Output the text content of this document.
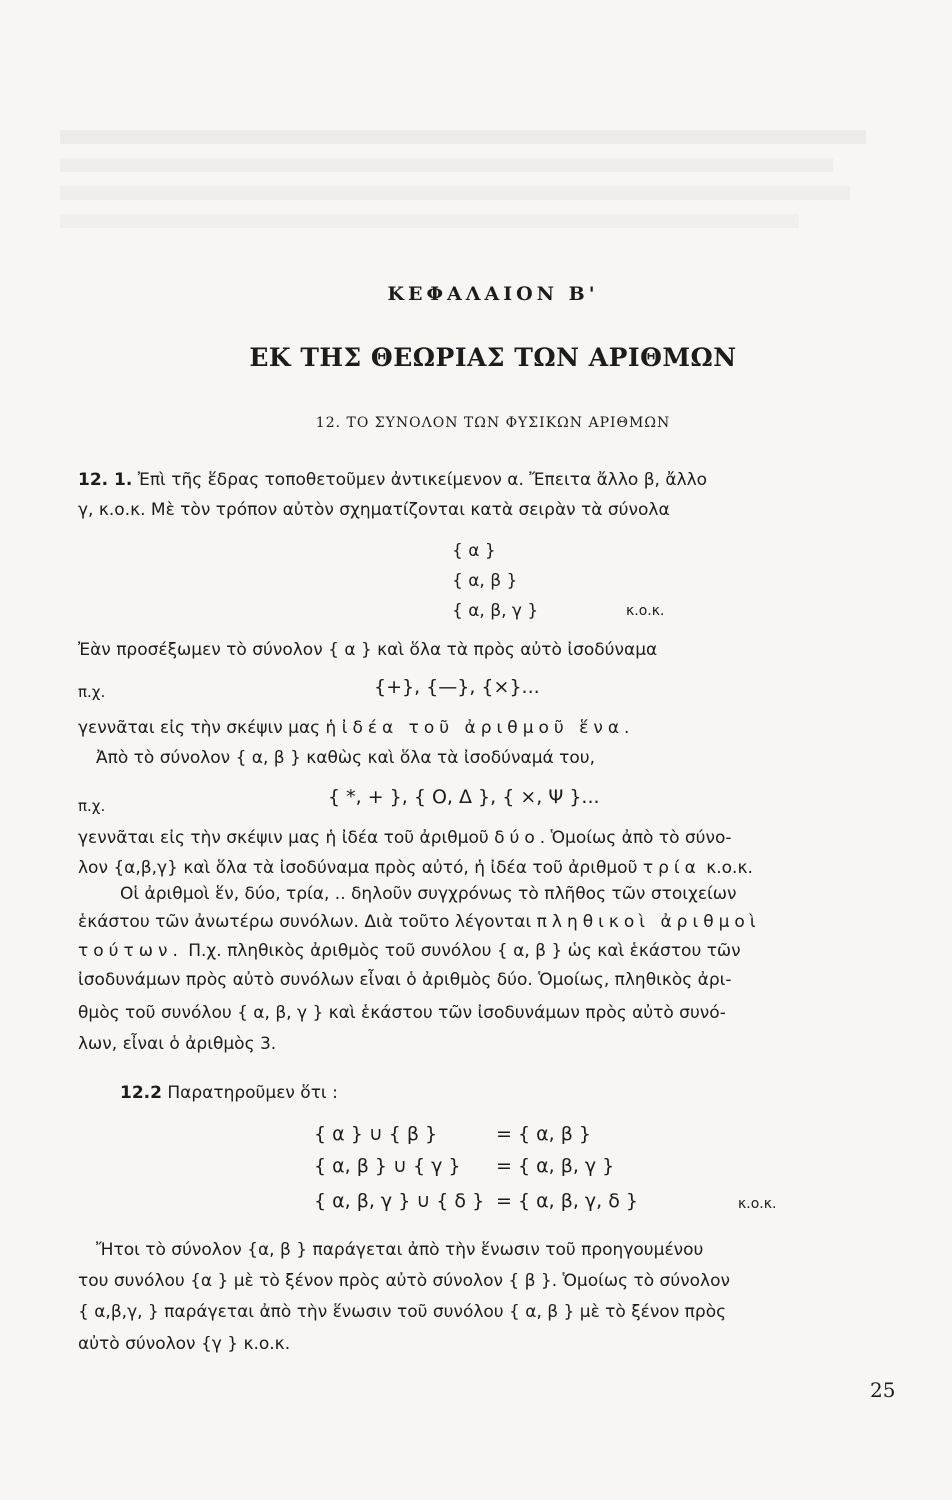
ΚΕΦΑΛΑΙΟΝ Β'
ΕΚ ΤΗΣ ΘΕΩΡΙΑΣ ΤΩΝ ΑΡΙΘΜΩΝ
12. ΤΟ ΣΥΝΟΛΟΝ ΤΩΝ ΦΥΣΙΚΩΝ ΑΡΙΘΜΩΝ
12. 1. Ἐπὶ τῆς ἕδρας τοποθετοῦμεν ἀντικείμενον α. Ἔπειτα ἄλλο β, ἄλλο
γ, κ.ο.κ. Μὲ τὸν τρόπον αὐτὸν σχηματίζονται κατὰ σειρὰν τὰ σύνολα
{ α }
{ α, β }
{ α, β, γ }	κ.ο.κ.
Ἐὰν προσέξωμεν τὸ σύνολον { α } καὶ ὅλα τὰ πρὸς αὐτὸ ἰσοδύναμα
π.χ.	{+}, {—}, {×}...
γεννᾶται εἰς τὴν σκέψιν μας ἡ ἰδέα τοῦ ἀριθμοῦ ἕνα.
Ἀπὸ τὸ σύνολον { α, β } καθὼς καὶ ὅλα τὰ ἰσοδύναμά του,
π.χ.	{ *, + }, { Ο, Δ }, { ×, Ψ }...
γεννᾶται εἰς τὴν σκέψιν μας ἡ ἰδέα τοῦ ἀριθμοῦ δύο. Ὁμοίως ἀπὸ τὸ σύνο-
λον {α,β,γ} καὶ ὅλα τὰ ἰσοδύναμα πρὸς αὐτό, ἡ ἰδέα τοῦ ἀριθμοῦ τρία κ.ο.κ.
Οἱ ἀριθμοὶ ἕν, δύο, τρία, .. δηλοῦν συγχρόνως τὸ πλῆθος τῶν στοιχείων
ἑκάστου τῶν ἀνωτέρω συνόλων. Διὰ τοῦτο λέγονται πληθικοὶ ἀριθμοὶ
τούτων. Π.χ. πληθικὸς ἀριθμὸς τοῦ συνόλου { α, β } ὡς καὶ ἑκάστου τῶν
ἰσοδυνάμων πρὸς αὐτὸ συνόλων εἶναι ὁ ἀριθμὸς δύο. Ὁμοίως, πληθικὸς ἀρι-
θμὸς τοῦ συνόλου { α, β, γ } καὶ ἑκάστου τῶν ἰσοδυνάμων πρὸς αὐτὸ συνό-
λων, εἶναι ὁ ἀριθμὸς 3.
12.2 Παρατηροῦμεν ὅτι :
{ α } ∪ { β }	= { α, β }
{ α, β } ∪ { γ } = { α, β, γ }
{ α, β, γ } ∪ { δ } = { α, β, γ, δ }	κ.ο.κ.
Ἤτοι τὸ σύνολον {α, β } παράγεται ἀπὸ τὴν ἕνωσιν τοῦ προηγουμένου
του συνόλου {α } μὲ τὸ ξένον πρὸς αὐτὸ σύνολον { β }. Ὁμοίως τὸ σύνολον
{ α,β,γ, } παράγεται ἀπὸ τὴν ἕνωσιν τοῦ συνόλου { α, β } μὲ τὸ ξένον πρὸς
αὐτὸ σύνολον {γ } κ.ο.κ.
25
